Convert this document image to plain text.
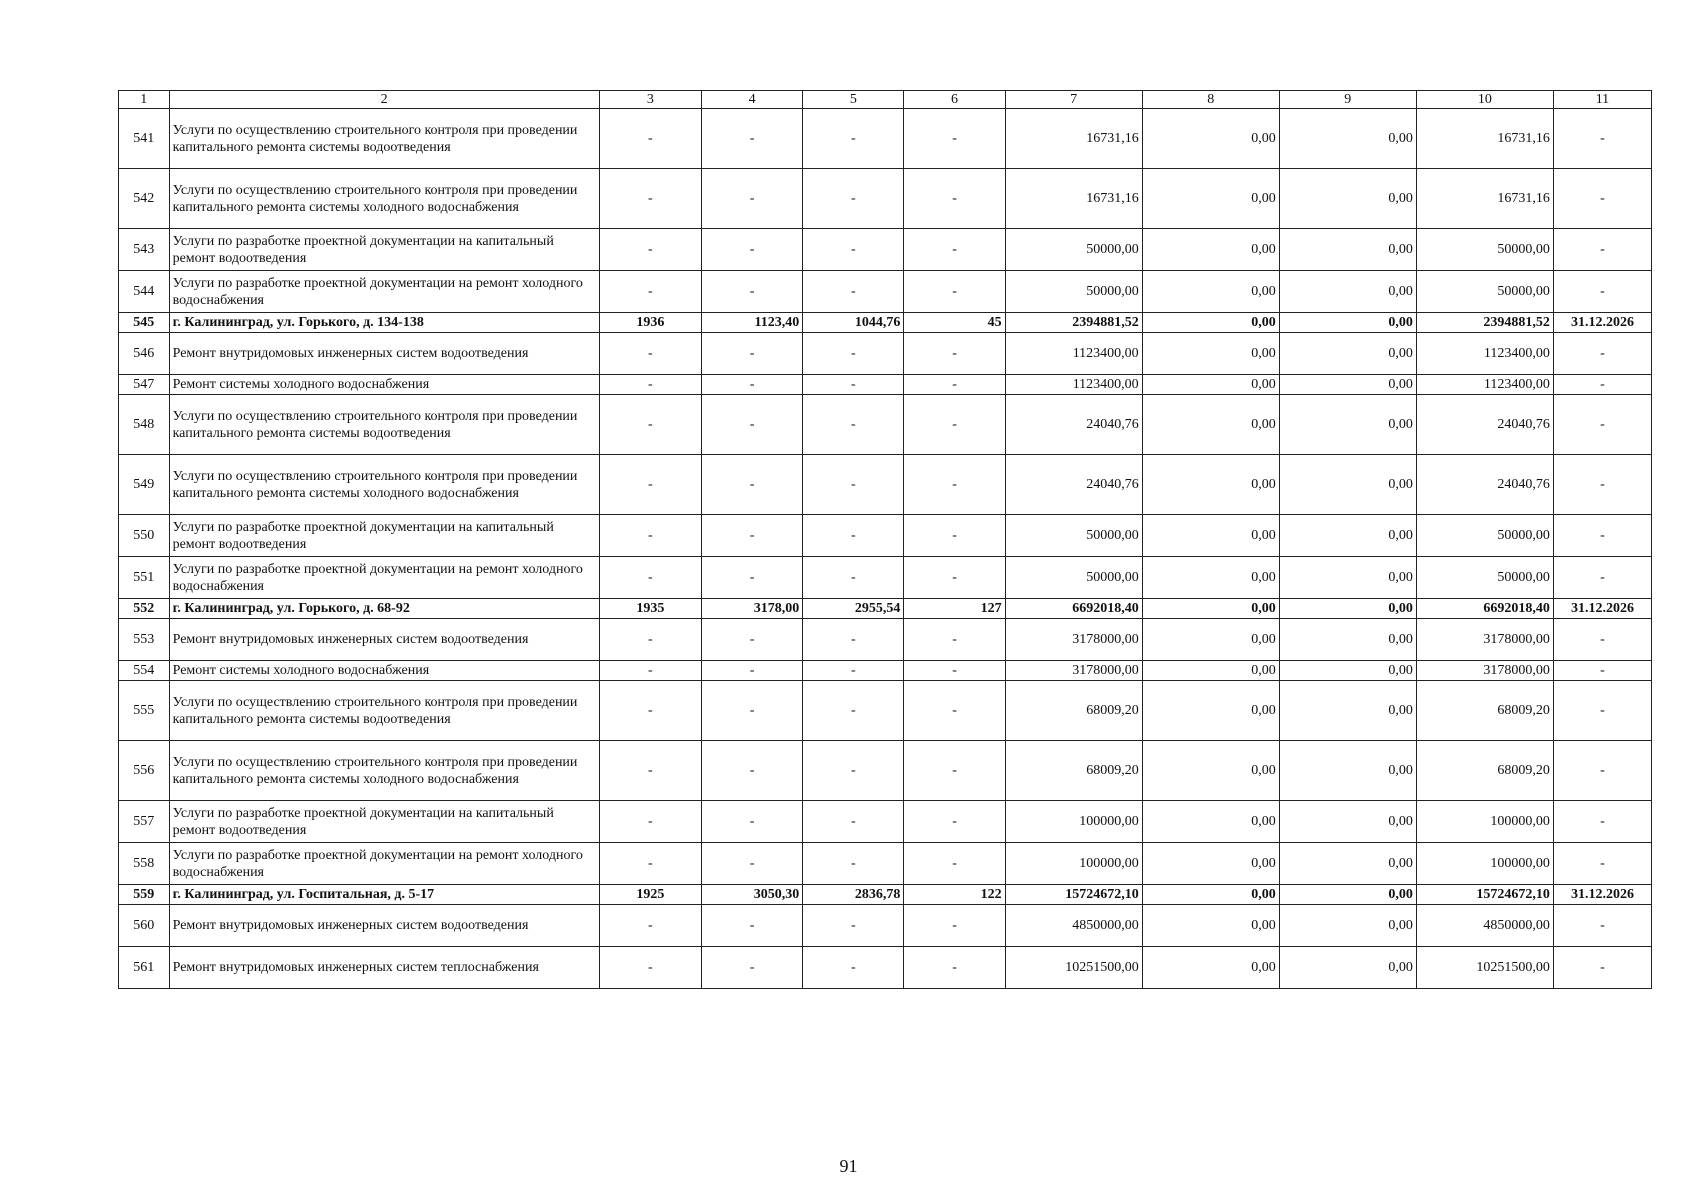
1	2	3	4	5	6	7	8	9	10	11
541	Услуги по осуществлению строительного контроля при проведении капитального ремонта системы водоотведения	-	-	-	-	16731,16	0,00	0,00	16731,16	-
542	Услуги по осуществлению строительного контроля при проведении капитального ремонта системы холодного водоснабжения	-	-	-	-	16731,16	0,00	0,00	16731,16	-
543	Услуги по разработке проектной документации на капитальный ремонт водоотведения	-	-	-	-	50000,00	0,00	0,00	50000,00	-
544	Услуги по разработке проектной документации на ремонт холодного водоснабжения	-	-	-	-	50000,00	0,00	0,00	50000,00	-
545	г. Калининград, ул. Горького, д. 134-138	1936	1123,40	1044,76	45	2394881,52	0,00	0,00	2394881,52	31.12.2026
546	Ремонт внутридомовых инженерных систем водоотведения	-	-	-	-	1123400,00	0,00	0,00	1123400,00	-
547	Ремонт системы холодного водоснабжения	-	-	-	-	1123400,00	0,00	0,00	1123400,00	-
548	Услуги по осуществлению строительного контроля при проведении капитального ремонта системы водоотведения	-	-	-	-	24040,76	0,00	0,00	24040,76	-
549	Услуги по осуществлению строительного контроля при проведении капитального ремонта системы холодного водоснабжения	-	-	-	-	24040,76	0,00	0,00	24040,76	-
550	Услуги по разработке проектной документации на капитальный ремонт водоотведения	-	-	-	-	50000,00	0,00	0,00	50000,00	-
551	Услуги по разработке проектной документации на ремонт холодного водоснабжения	-	-	-	-	50000,00	0,00	0,00	50000,00	-
552	г. Калининград, ул. Горького, д. 68-92	1935	3178,00	2955,54	127	6692018,40	0,00	0,00	6692018,40	31.12.2026
553	Ремонт внутридомовых инженерных систем водоотведения	-	-	-	-	3178000,00	0,00	0,00	3178000,00	-
554	Ремонт системы холодного водоснабжения	-	-	-	-	3178000,00	0,00	0,00	3178000,00	-
555	Услуги по осуществлению строительного контроля при проведении капитального ремонта системы водоотведения	-	-	-	-	68009,20	0,00	0,00	68009,20	-
556	Услуги по осуществлению строительного контроля при проведении капитального ремонта системы холодного водоснабжения	-	-	-	-	68009,20	0,00	0,00	68009,20	-
557	Услуги по разработке проектной документации на капитальный ремонт водоотведения	-	-	-	-	100000,00	0,00	0,00	100000,00	-
558	Услуги по разработке проектной документации на ремонт холодного водоснабжения	-	-	-	-	100000,00	0,00	0,00	100000,00	-
559	г. Калининград, ул. Госпитальная, д. 5-17	1925	3050,30	2836,78	122	15724672,10	0,00	0,00	15724672,10	31.12.2026
560	Ремонт внутридомовых инженерных систем водоотведения	-	-	-	-	4850000,00	0,00	0,00	4850000,00	-
561	Ремонт внутридомовых инженерных систем теплоснабжения	-	-	-	-	10251500,00	0,00	0,00	10251500,00	-
91
